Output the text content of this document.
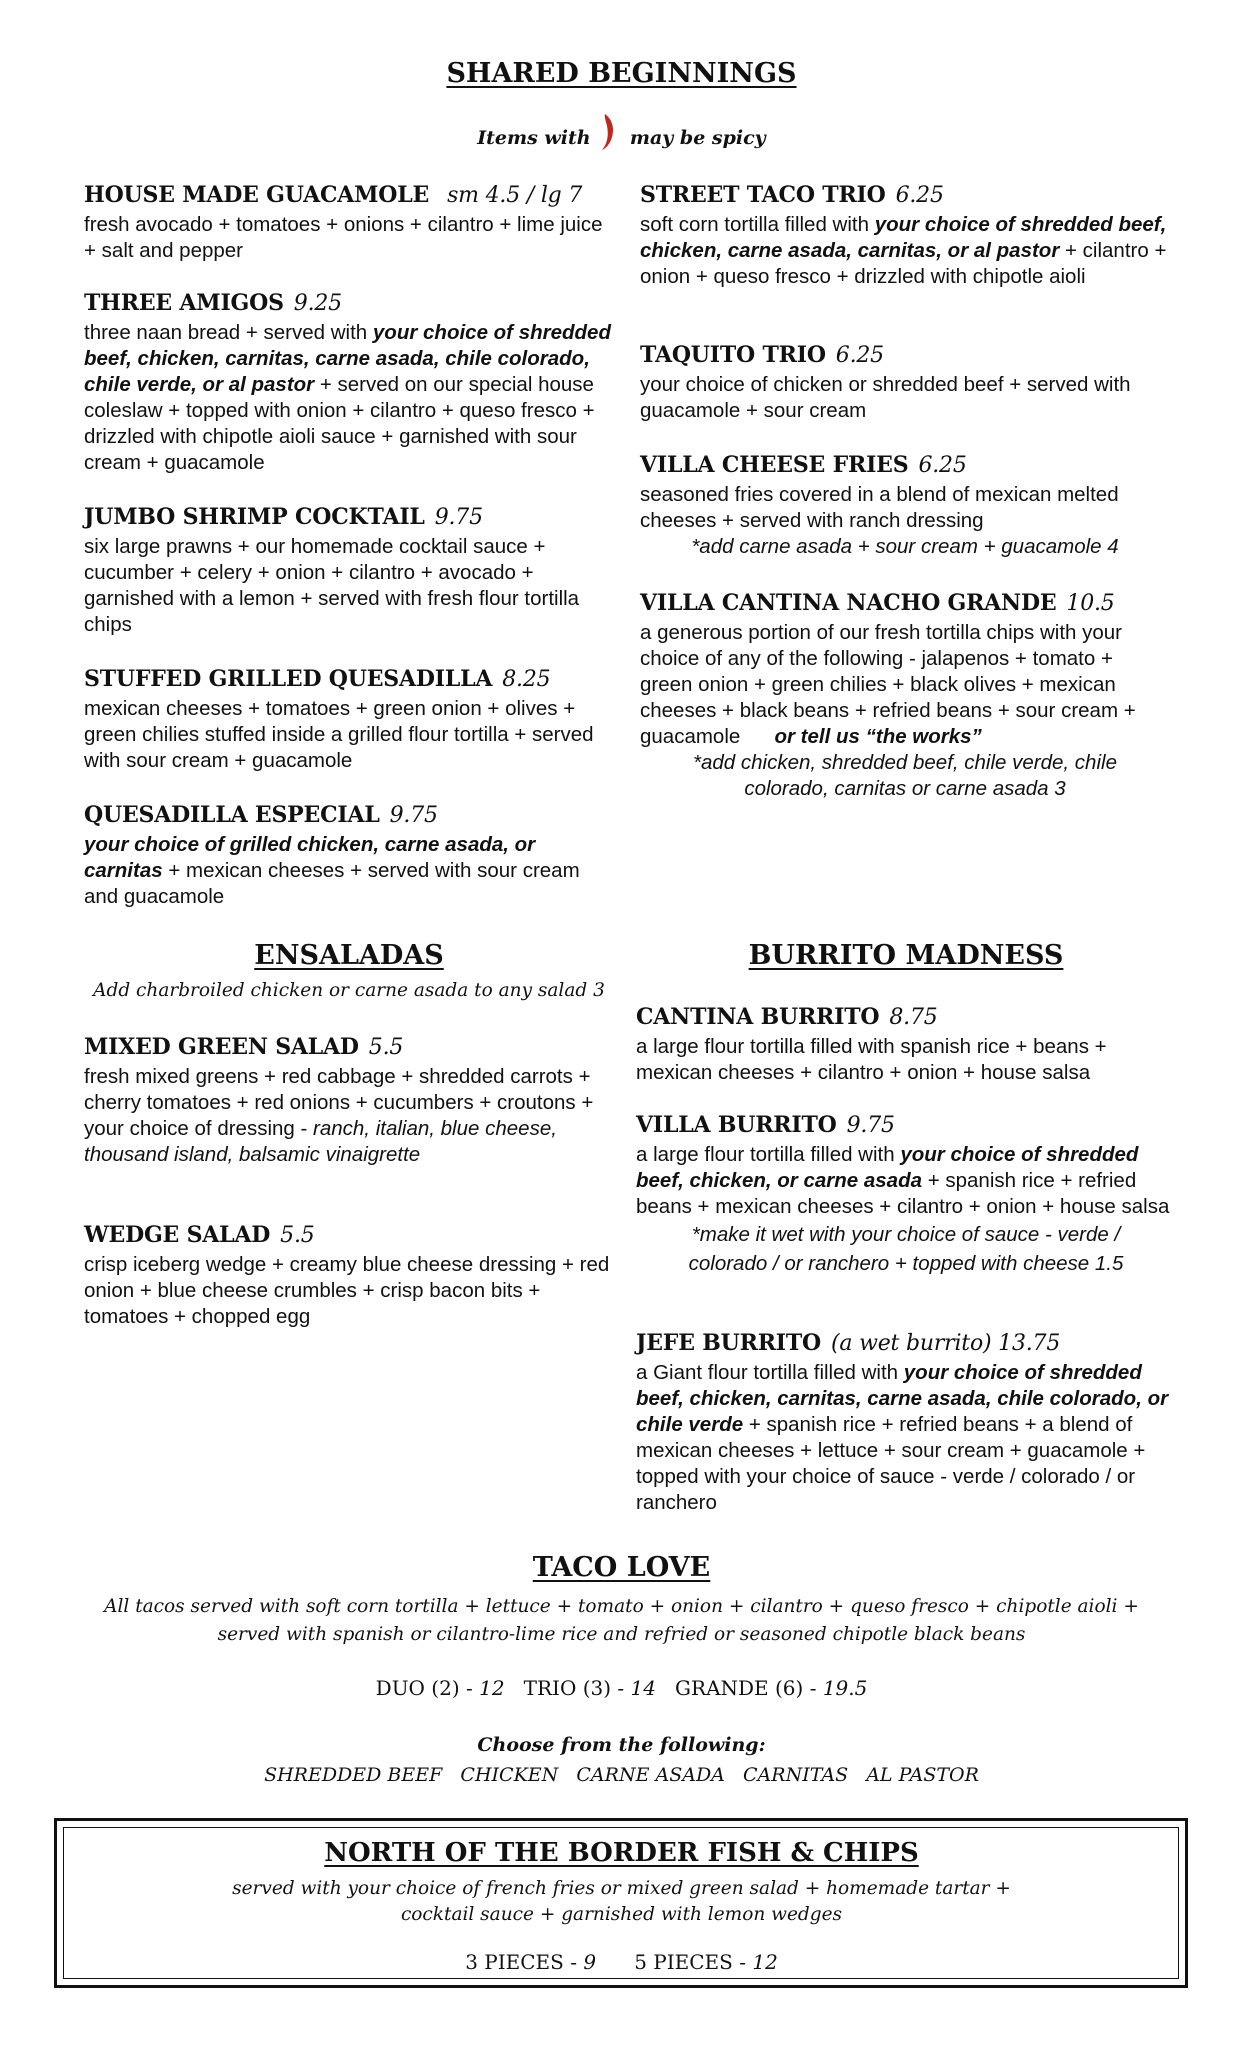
SHARED BEGINNINGS
Items with may be spicy
HOUSE MADE GUACAMOLE sm 4.5 / lg 7
fresh avocado + tomatoes + onions + cilantro + lime juice + salt and pepper
THREE AMIGOS 9.25
three naan bread + served with your choice of shredded beef, chicken, carnitas, carne asada, chile colorado, chile verde, or al pastor + served on our special house coleslaw + topped with onion + cilantro + queso fresco + drizzled with chipotle aioli sauce + garnished with sour cream + guacamole
JUMBO SHRIMP COCKTAIL 9.75
six large prawns + our homemade cocktail sauce + cucumber + celery + onion + cilantro + avocado + garnished with a lemon + served with fresh flour tortilla chips
STUFFED GRILLED QUESADILLA 8.25
mexican cheeses + tomatoes + green onion + olives + green chilies stuffed inside a grilled flour tortilla + served with sour cream + guacamole
QUESADILLA ESPECIAL 9.75
your choice of grilled chicken, carne asada, or carnitas + mexican cheeses + served with sour cream and guacamole
STREET TACO TRIO 6.25
soft corn tortilla filled with your choice of shredded beef, chicken, carne asada, carnitas, or al pastor + cilantro + onion + queso fresco + drizzled with chipotle aioli
TAQUITO TRIO 6.25
your choice of chicken or shredded beef + served with guacamole + sour cream
VILLA CHEESE FRIES 6.25
seasoned fries covered in a blend of mexican melted cheeses + served with ranch dressing
*add carne asada + sour cream + guacamole 4
VILLA CANTINA NACHO GRANDE 10.5
a generous portion of our fresh tortilla chips with your choice of any of the following - jalapenos + tomato + green onion + green chilies + black olives + mexican cheeses + black beans + refried beans + sour cream + guacamole or tell us “the works”
*add chicken, shredded beef, chile verde, chile colorado, carnitas or carne asada 3
ENSALADAS
Add charbroiled chicken or carne asada to any salad 3
MIXED GREEN SALAD 5.5
fresh mixed greens + red cabbage + shredded carrots + cherry tomatoes + red onions + cucumbers + croutons + your choice of dressing - ranch, italian, blue cheese, thousand island, balsamic vinaigrette
WEDGE SALAD 5.5
crisp iceberg wedge + creamy blue cheese dressing + red onion + blue cheese crumbles + crisp bacon bits + tomatoes + chopped egg
BURRITO MADNESS
CANTINA BURRITO 8.75
a large flour tortilla filled with spanish rice + beans + mexican cheeses + cilantro + onion + house salsa
VILLA BURRITO 9.75
a large flour tortilla filled with your choice of shredded beef, chicken, or carne asada + spanish rice + refried beans + mexican cheeses + cilantro + onion + house salsa
*make it wet with your choice of sauce - verde / colorado / or ranchero + topped with cheese 1.5
JEFE BURRITO (a wet burrito) 13.75
a Giant flour tortilla filled with your choice of shredded beef, chicken, carnitas, carne asada, chile colorado, or chile verde + spanish rice + refried beans + a blend of mexican cheeses + lettuce + sour cream + guacamole + topped with your choice of sauce - verde / colorado / or ranchero
TACO LOVE
All tacos served with soft corn tortilla + lettuce + tomato + onion + cilantro + queso fresco + chipotle aioli +
served with spanish or cilantro-lime rice and refried or seasoned chipotle black beans
DUO (2) - 12 TRIO (3) - 14 GRANDE (6) - 19.5
Choose from the following:
SHREDDED BEEF   CHICKEN   CARNE ASADA   CARNITAS   AL PASTOR
NORTH OF THE BORDER FISH & CHIPS
served with your choice of french fries or mixed green salad + homemade tartar +
cocktail sauce + garnished with lemon wedges
3 PIECES - 9 5 PIECES - 12
